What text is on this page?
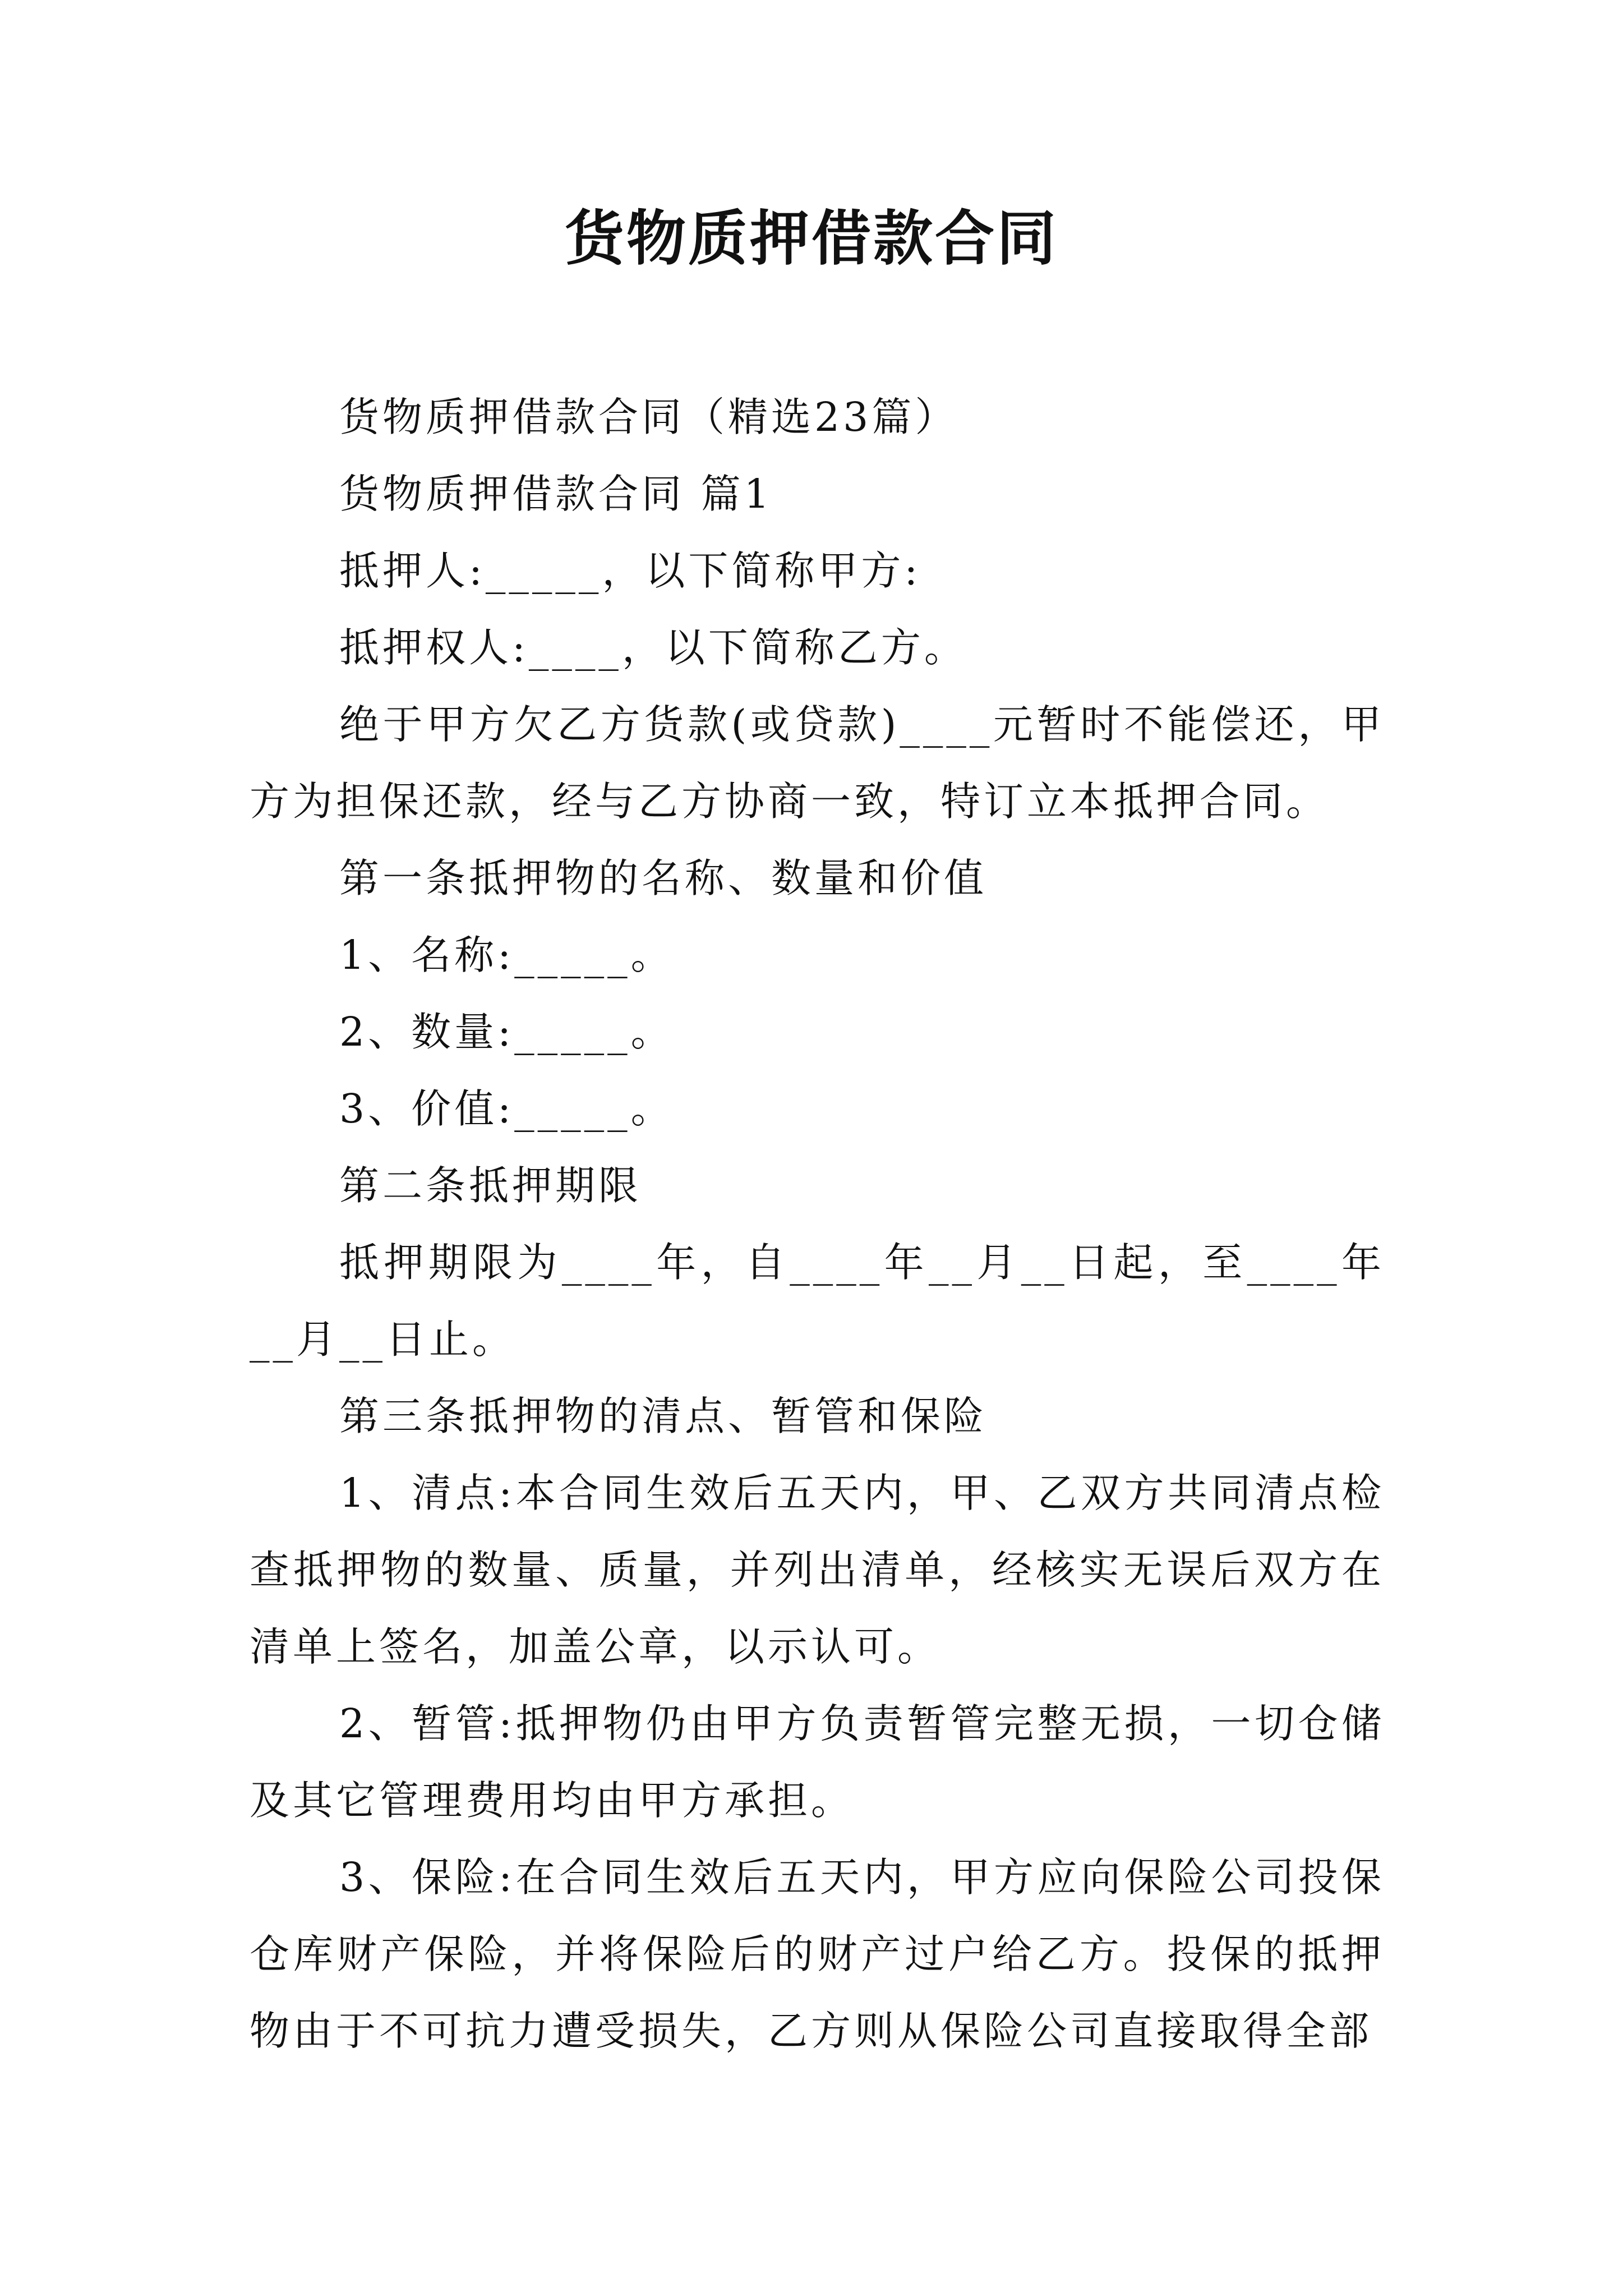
货物质押借款合同

货物质押借款合同（精选23篇）

货物质押借款合同 篇1

抵押人:_____，以下简称甲方:

抵押权人:____，以下简称乙方。

绝于甲方欠乙方货款(或贷款)____元暂时不能偿还，甲方为担保还款，经与乙方协商一致，特订立本抵押合同。

第一条抵押物的名称、数量和价值

1、名称:_____。

2、数量:_____。

3、价值:_____。

第二条抵押期限

抵押期限为____年，自____年__月__日起，至____年__月__日止。

第三条抵押物的清点、暂管和保险

1、清点:本合同生效后五天内，甲、乙双方共同清点检查抵押物的数量、质量，并列出清单，经核实无误后双方在清单上签名，加盖公章，以示认可。

2、暂管:抵押物仍由甲方负责暂管完整无损，一切仓储及其它管理费用均由甲方承担。

3、保险:在合同生效后五天内，甲方应向保险公司投保仓库财产保险，并将保险后的财产过户给乙方。投保的抵押物由于不可抗力遭受损失，乙方则从保险公司直接取得全部
